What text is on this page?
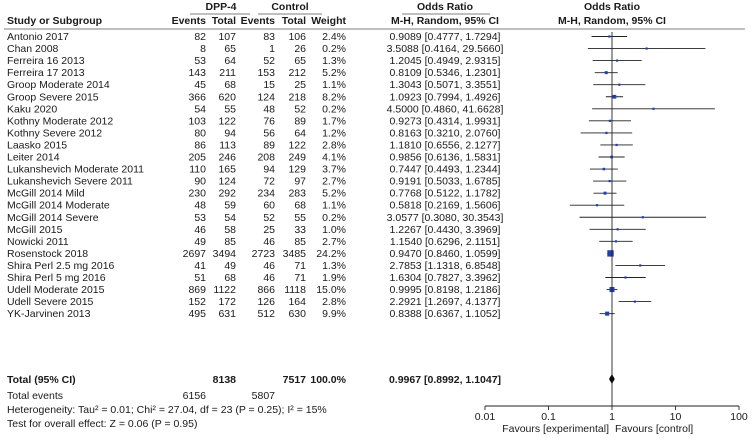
DPP-4	Control	Odds Ratio	Odds Ratio
Study or Subgroup	Events Total Events Total Weight	M-H, Random, 95% CI	M-H, Random, 95% CI
Antonio 2017	82 107	83 106 2.4%	0.9089 [0.4777, 1.7294]
Chan 2008	8 65	1 26 0.2%	3.5088 [0.4164, 29.5660]
Ferreira 16 2013	53 64	52 65 1.3%	1.2045 [0.4949, 2.9315]
Ferreira 17 2013	143 211 153 212 5.2%	0.8109 [0.5346, 1.2301]
Groop Moderate 2014	45 68	15 25 1.1%	1.3043 [0.5071, 3.3551]
Groop Severe 2015	366 620 124 218 8.2%	1.0923 [0.7994, 1.4926]
Kaku 2020	54 55	48 52 0.2%	4.5000 [0.4860, 41.6628]
Kothny Moderate 2012	103 122	76 89 1.7%	0.9273 [0.4314, 1.9931]
Kothny Severe 2012	80 94	56 64 1.2%	0.8163 [0.3210, 2.0760]
Laasko 2015	86 113	89 122 2.8%	1.1810 [0.6556, 2.1277]
Leiter 2014	205 246 208 249 4.1%	0.9856 [0.6136, 1.5831]
Lukanshevich Moderate 2011	110 165	94 129 3.7%	0.7447 [0.4493, 1.2344]
Lukanshevich Severe 2011	90 124	72 97 2.7%	0.9191 [0.5033, 1.6785]
McGill 2014 Mild	230 292 234 283 5.2%	0.7768 [0.5122, 1.1782]
McGill 2014 Moderate	48 59	60 68 1.1%	0.5818 [0.2169, 1.5606]
McGill 2014 Severe	53 54	52 55 0.2%	3.0577 [0.3080, 30.3543]
McGill 2015	46 58	25 33 1.0%	1.2267 [0.4430, 3.3969]
Nowicki 2011	49 85	46 85 2.7%	1.1540 [0.6296, 2.1151]
Rosenstock 2018	2697 3494 2723 3485 24.2%	0.9470 [0.8460, 1.0599]
Shira Perl 2.5 mg 2016	41 49	46 71 1.3%	2.7853 [1.1318, 6.8548]
Shira Perl 5 mg 2016	51 68	46 71 1.9%	1.6304 [0.7827, 3.3962]
Udell Moderate 2015	869 1122 866 1118 15.0%	0.9995 [0.8198, 1.2186]
Udell Severe 2015	152 172 126 164 2.8%	2.2921 [1.2697, 4.1377]
YK-Jarvinen 2013	495 631 512 630 9.9%	0.8388 [0.6367, 1.1052]
Total (95% CI)	8138	7517 100.0%	0.9967 [0.8992, 1.1047]
0.01	0.1	1	10	100
Favours [experimental] Favours [control]
Total events	6156	5807
Heterogeneity: Tau² = 0.01; Chi² = 27.04, df = 23 (P = 0.25); I² = 15%
Test for overall effect: Z = 0.06 (P = 0.95)
